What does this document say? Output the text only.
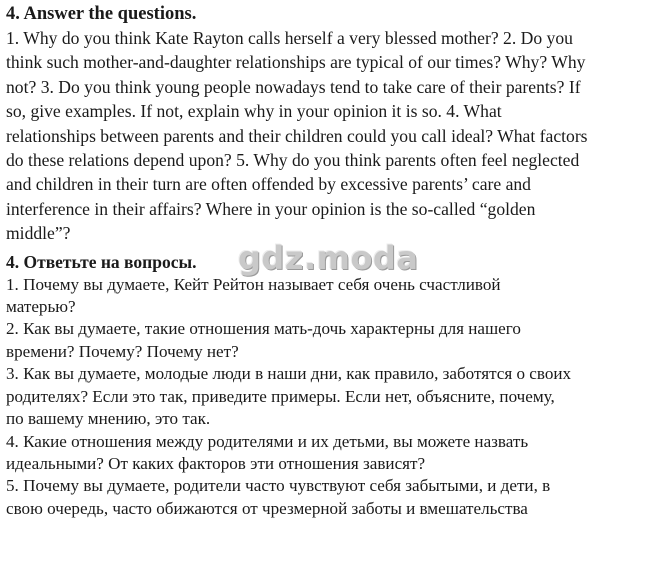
4. Answer the questions.

1. Why do you think Kate Rayton calls herself a very blessed mother? 2. Do you
think such mother-and-daughter relationships are typical of our times? Why? Why
not? 3. Do you think young people nowadays tend to take care of their parents? If
so, give examples. If not, explain why in your opinion it is so. 4. What
relationships between parents and their children could you call ideal? What factors
do these relations depend upon? 5. Why do you think parents often feel neglected
and children in their turn are often offended by excessive parents’ care and
interference in their affairs? Where in your opinion is the so-called “golden
middle”?

4. Ответьте на вопросы. gdz.moda
1. Почему вы думаете, Кейт Рейтон называет себя очень счастливой
матерью?
2. Как вы думаете, такие отношения мать-дочь характерны для нашего
времени? Почему? Почему нет?
3. Как вы думаете, молодые люди в наши дни, как правило, заботятся о своих
родителях? Если это так, приведите примеры. Если нет, объясните, почему,
по вашему мнению, это так.
4. Какие отношения между родителями и их детьми, вы можете назвать
идеальными? От каких факторов эти отношения зависят?
5. Почему вы думаете, родители часто чувствуют себя забытыми, и дети, в
свою очередь, часто обижаются от чрезмерной заботы и вмешательства
